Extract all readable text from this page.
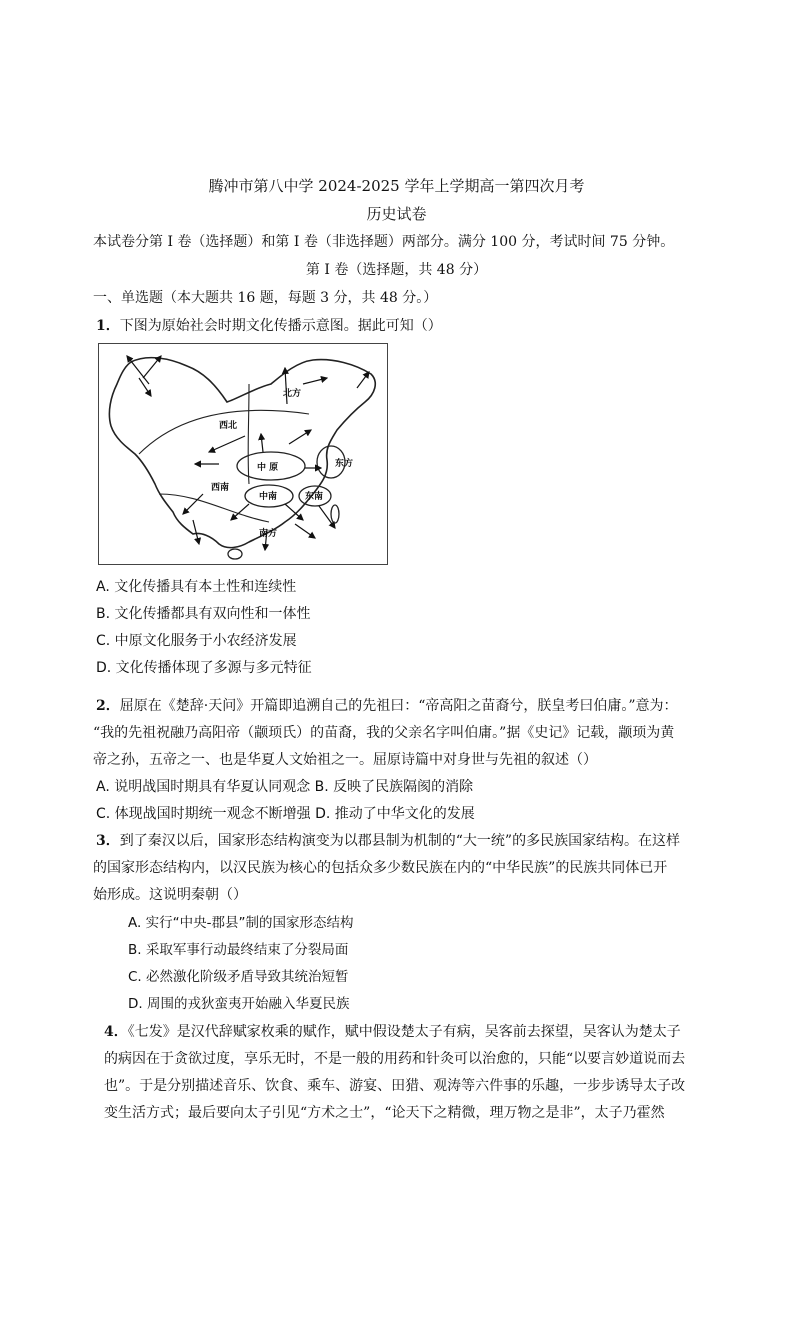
腾冲市第八中学 2024-2025 学年上学期高一第四次月考
历史试卷
本试卷分第 I 卷（选择题）和第 I 卷（非选择题）两部分。满分 100 分，考试时间 75 分钟。
第 I 卷（选择题，共 48 分）
一、单选题（本大题共 16 题，每题 3 分，共 48 分。）
1．下图为原始社会时期文化传播示意图。据此可知（）
西北
北方
东方
中 原
西南
中南	东南
南方
A. 文化传播具有本土性和连续性
B. 文化传播都具有双向性和一体性
C. 中原文化服务于小农经济发展
D. 文化传播体现了多源与多元特征
2．屈原在《楚辞·天问》开篇即追溯自己的先祖曰：“帝高阳之苗裔兮，朕皇考曰伯庸。”意为：
“我的先祖祝融乃高阳帝（颛顼氏）的苗裔，我的父亲名字叫伯庸。”据《史记》记载，颛顼为黄
帝之孙，五帝之一、也是华夏人文始祖之一。屈原诗篇中对身世与先祖的叙述（）
A. 说明战国时期具有华夏认同观念 B. 反映了民族隔阂的消除
C. 体现战国时期统一观念不断增强 D. 推动了中华文化的发展
3．到了秦汉以后，国家形态结构演变为以郡县制为机制的“大一统”的多民族国家结构。在这样
的国家形态结构内，以汉民族为核心的包括众多少数民族在内的“中华民族”的民族共同体已开
始形成。这说明秦朝（）
A. 实行“中央-郡县”制的国家形态结构
B. 采取军事行动最终结束了分裂局面
C. 必然激化阶级矛盾导致其统治短暂
D. 周围的戎狄蛮夷开始融入华夏民族
4．《七发》是汉代辞赋家枚乘的赋作，赋中假设楚太子有病，吴客前去探望，吴客认为楚太子
的病因在于贪欲过度，享乐无时，不是一般的用药和针灸可以治愈的，只能“以要言妙道说而去
也”。于是分别描述音乐、饮食、乘车、游宴、田猎、观涛等六件事的乐趣，一步步诱导太子改
变生活方式；最后要向太子引见“方术之士”，“论天下之精微，理万物之是非”，太子乃霍然
